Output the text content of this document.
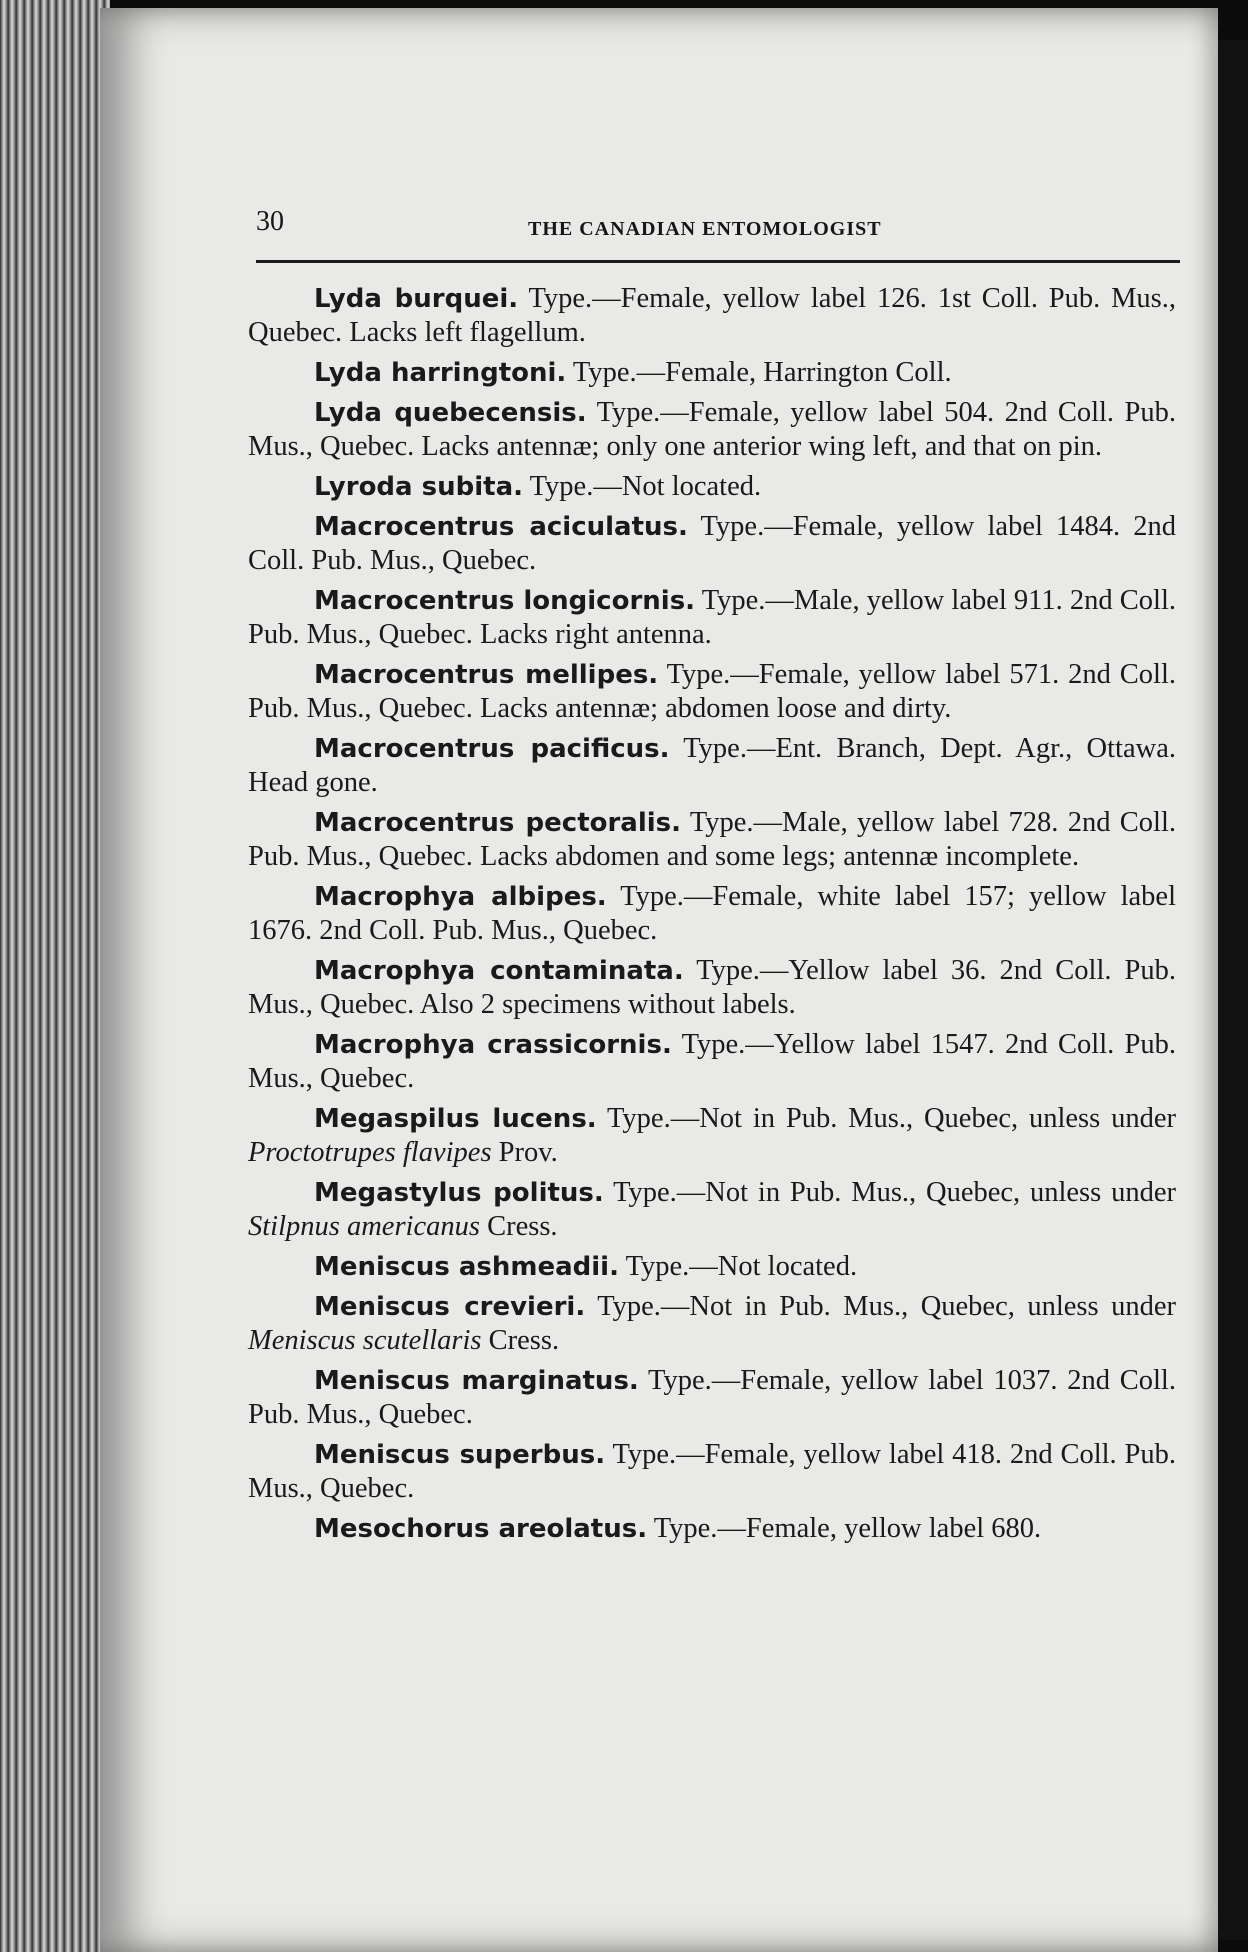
30	THE CANADIAN ENTOMOLOGIST

Lyda burquei. Type.—Female, yellow label 126. 1st Coll. Pub. Mus., Quebec. Lacks left flagellum.

Lyda harringtoni. Type.—Female, Harrington Coll.

Lyda quebecensis. Type.—Female, yellow label 504. 2nd Coll. Pub. Mus., Quebec. Lacks antennæ; only one anterior wing left, and that on pin.

Lyroda subita. Type.—Not located.

Macrocentrus aciculatus. Type.—Female, yellow label 1484. 2nd Coll. Pub. Mus., Quebec.

Macrocentrus longicornis. Type.—Male, yellow label 911. 2nd Coll. Pub. Mus., Quebec. Lacks right antenna.

Macrocentrus mellipes. Type.—Female, yellow label 571. 2nd Coll. Pub. Mus., Quebec. Lacks antennæ; abdomen loose and dirty.

Macrocentrus pacificus. Type.—Ent. Branch, Dept. Agr., Ottawa. Head gone.

Macrocentrus pectoralis. Type.—Male, yellow label 728. 2nd Coll. Pub. Mus., Quebec. Lacks abdomen and some legs; antennæ incomplete.

Macrophya albipes. Type.—Female, white label 157; yellow label 1676. 2nd Coll. Pub. Mus., Quebec.

Macrophya contaminata. Type.—Yellow label 36. 2nd Coll. Pub. Mus., Quebec. Also 2 specimens without labels.

Macrophya crassicornis. Type.—Yellow label 1547. 2nd Coll. Pub. Mus., Quebec.

Megaspilus lucens. Type.—Not in Pub. Mus., Quebec, unless under Proctotrupes flavipes Prov.

Megastylus politus. Type.—Not in Pub. Mus., Quebec, unless under Stilpnus americanus Cress.

Meniscus ashmeadii. Type.—Not located.

Meniscus crevieri. Type.—Not in Pub. Mus., Quebec, unless under Meniscus scutellaris Cress.

Meniscus marginatus. Type.—Female, yellow label 1037. 2nd Coll. Pub. Mus., Quebec.

Meniscus superbus. Type.—Female, yellow label 418. 2nd Coll. Pub. Mus., Quebec.

Mesochorus areolatus. Type.—Female, yellow label 680.
